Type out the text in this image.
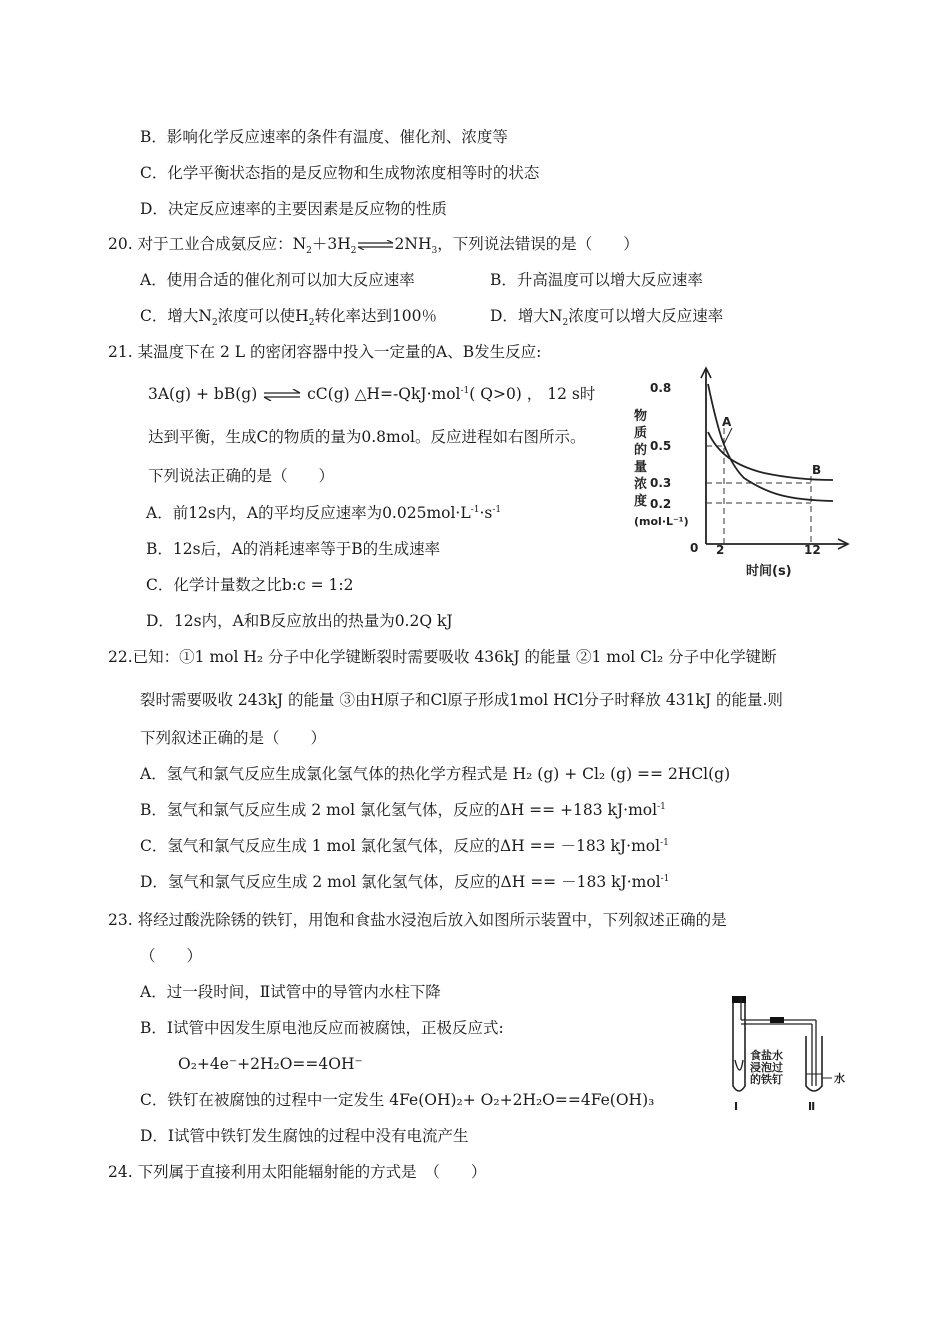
B．影响化学反应速率的条件有温度、催化剂、浓度等
C．化学平衡状态指的是反应物和生成物浓度相等时的状态
D．决定反应速率的主要因素是反应物的性质
20. 对于工业合成氨反应：$N_2+3H_2$ $\rightleftharpoons 2NH_3$，下列说法错误的是（　　）
A．使用合适的催化剂可以加大反应速率	B．升高温度可以增大反应速率
C．增大$N_2$浓度可以使$H_2$转化率达到100％	D．增大$N_2$浓度可以增大反应速率
21. 某温度下在 2 L 的密闭容器中投入一定量的A、B发生反应:
3A(g) + bB(g) ⇌ cC(g) △H=-QkJ·mol$^{-1}$( Q>0) ， 12 s时
达到平衡，生成C的物质的量为0.8mol。反应进程如右图所示。
下列说法正确的是（　　）
A．前12s内，A的平均反应速率为$0.025mol\cdot L^{-1}\cdot s^{-1}$
B．12s后，A的消耗速率等于B的生成速率
C．化学计量数之比b:c = 1:2
D．12s内，A和B反应放出的热量为0.2Q kJ
0.8
0.5
0.3
0.2
0 2	12
时间(s)
(mol·L⁻¹)
A
B
物
质
的
量
浓
度
22.已知：①1 mol H₂ 分子中化学键断裂时需要吸收 436kJ 的能量 ②1 mol Cl₂ 分子中化学键断
裂时需要吸收 243kJ 的能量 ③由H原子和Cl原子形成1mol HCl分子时释放 431kJ 的能量.则
下列叙述正确的是（　　）
A．氢气和氯气反应生成氯化氢气体的热化学方程式是 H₂ (g) + Cl₂ (g) == 2HCl(g)
B．氢气和氯气反应生成 2 mol 氯化氢气体，反应的ΔH == +183 kJ·mol$^{-1}$
C．氢气和氯气反应生成 1 mol 氯化氢气体，反应的ΔH == －183 kJ·mol$^{-1}$
D．氢气和氯气反应生成 2 mol 氯化氢气体，反应的ΔH == －183 kJ·mol$^{-1}$
23. 将经过酸洗除锈的铁钉，用饱和食盐水浸泡后放入如图所示装置中，下列叙述正确的是
（　　）
A．过一段时间，Ⅱ试管中的导管内水柱下降
B．Ⅰ试管中因发生原电池反应而被腐蚀，正极反应式:
O₂+4e⁻+2H₂O==4OH⁻
C．铁钉在被腐蚀的过程中一定发生 4Fe(OH)₂+ O₂+2H₂O==4Fe(OH)₃
D．Ⅰ试管中铁钉发生腐蚀的过程中没有电流产生
食盐水
浸泡过
的铁钉	水
Ⅰ	Ⅱ
24. 下列属于直接利用太阳能辐射能的方式是　（　　）
